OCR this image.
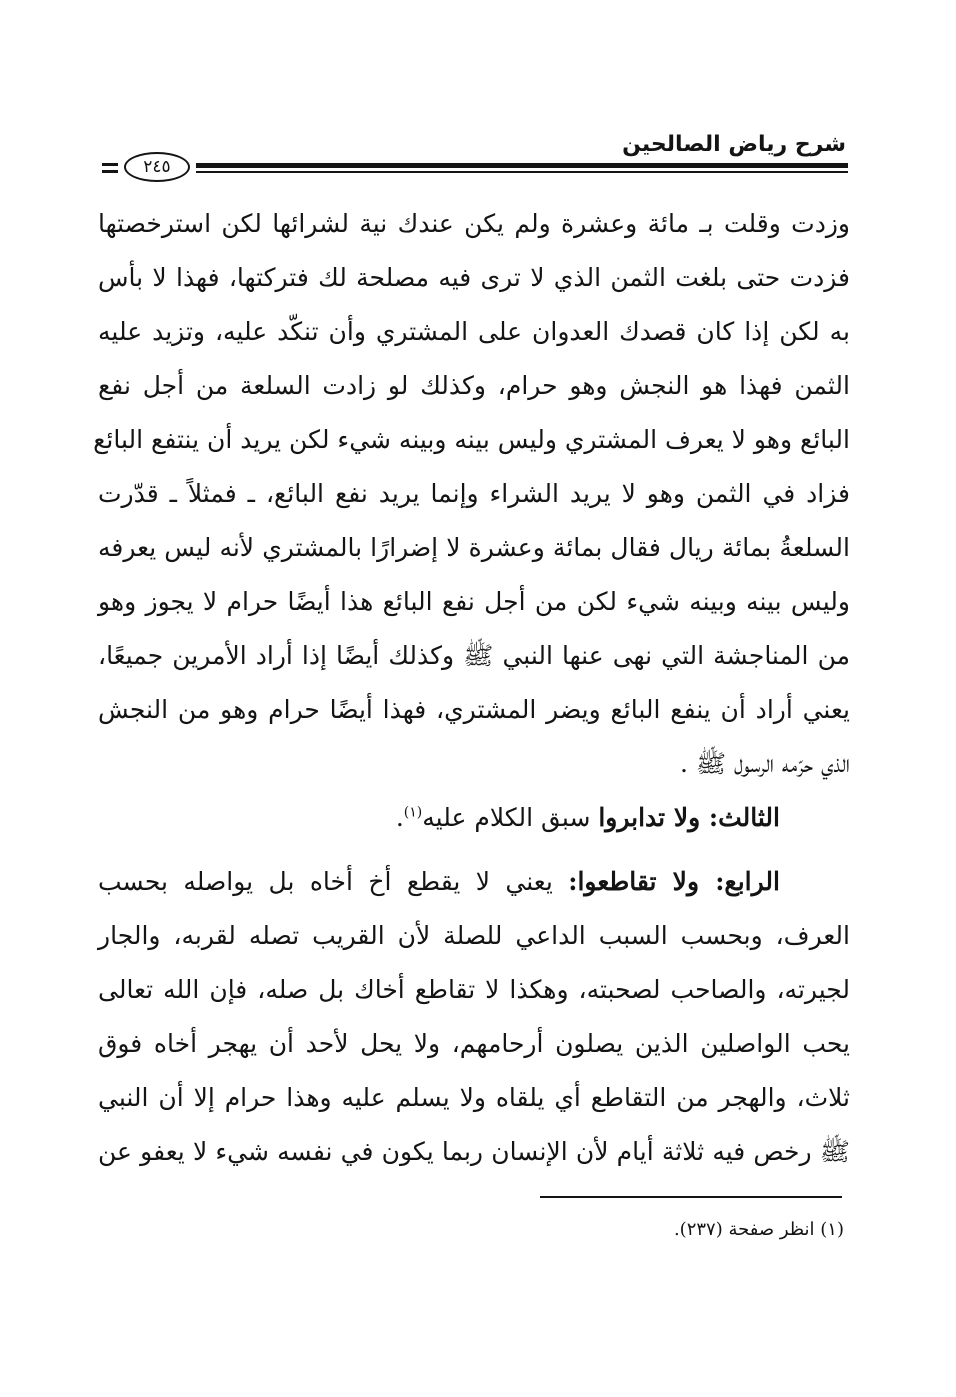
شرح رياض الصالحين
٢٤٥
وزدت وقلت بـ مائة وعشرة ولم يكن عندك نية لشرائها لكن استرخصتها
فزدت حتى بلغت الثمن الذي لا ترى فيه مصلحة لك فتركتها، فهذا لا بأس
به لكن إذا كان قصدك العدوان على المشتري وأن تنكّد عليه، وتزيد عليه
الثمن فهذا هو النجش وهو حرام، وكذلك لو زادت السلعة من أجل نفع
البائع وهو لا يعرف المشتري وليس بينه وبينه شيء لكن يريد أن ينتفع البائع
فزاد في الثمن وهو لا يريد الشراء وإنما يريد نفع البائع، ـ فمثلاً ـ قدّرت
السلعةُ بمائة ريال فقال بمائة وعشرة لا إضرارًا بالمشتري لأنه ليس يعرفه
وليس بينه وبينه شيء لكن من أجل نفع البائع هذا أيضًا حرام لا يجوز وهو
من المناجشة التي نهى عنها النبي ﷺ وكذلك أيضًا إذا أراد الأمرين جميعًا،
يعني أراد أن ينفع البائع ويضر المشتري، فهذا أيضًا حرام وهو من النجش
الذي حرّمه الرسول ﷺ .
الثالث: ولا تدابروا سبق الكلام عليه$^{(١)}$.
الرابع: ولا تقاطعوا: يعني لا يقطع أخ أخاه بل يواصله بحسب
العرف، وبحسب السبب الداعي للصلة لأن القريب تصله لقربه، والجار
لجيرته، والصاحب لصحبته، وهكذا لا تقاطع أخاك بل صله، فإن الله تعالى
يحب الواصلين الذين يصلون أرحامهم، ولا يحل لأحد أن يهجر أخاه فوق
ثلاث، والهجر من التقاطع أي يلقاه ولا يسلم عليه وهذا حرام إلا أن النبي
ﷺ رخص فيه ثلاثة أيام لأن الإنسان ربما يكون في نفسه شيء لا يعفو عن
(١) انظر صفحة (٢٣٧).
